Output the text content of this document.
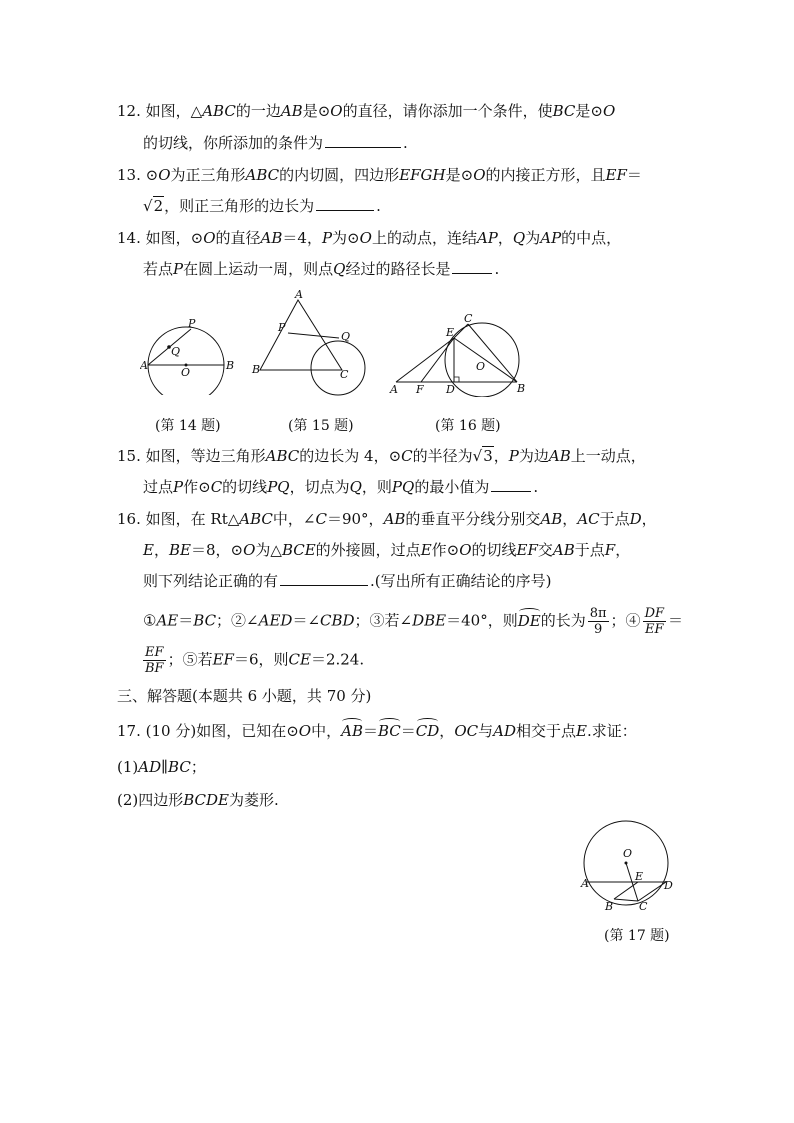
12. 如图，△ABC的一边AB是⊙O的直径，请你添加一个条件，使BC是⊙O
的切线，你所添加的条件为	.
13. ⊙O为正三角形ABC的内切圆，四边形EFGH是⊙O的内接正方形，且EF＝
√2，则正三角形的边长为	.
14. 如图，⊙O的直径AB＝4，P为⊙O上的动点，连结AP，Q为AP的中点，
若点P在圆上运动一周，则点Q经过的路径长是	.
P
Q
A
O
B
(第 14 题)
A
P
Q
B	C
(第 15 题)
E
C
O
A F D	B
(第 16 题)
15. 如图，等边三角形ABC的边长为 4，⊙C的半径为√3，P为边AB上一动点，
过点P作⊙C的切线PQ，切点为Q，则PQ的最小值为	.
16. 如图，在 Rt△ABC中，∠C＝90°，AB的垂直平分线分别交AB，AC于点D，
E，BE＝8，⊙O为△BCE的外接圆，过点E作⊙O的切线EF交AB于点F，
则下列结论正确的有	.(写出所有正确结论的序号)
①AE＝BC；②∠AED＝∠CBD；③若∠DBE＝40°，则DE的长为 $\frac{8\pi}{9}$ ；④ $\frac{DF}{EF}$ ＝
$\frac{EF}{BF}$ ；⑤若EF＝6，则CE＝2.24.
三、解答题(本题共 6 小题，共 70 分)
17. (10 分)如图，已知在⊙O中，AB＝BC＝CD，OC与AD相交于点E.求证：
(1)AD∥BC；
(2)四边形BCDE为菱形.
O
A
E
D
B C
(第 17 题)
